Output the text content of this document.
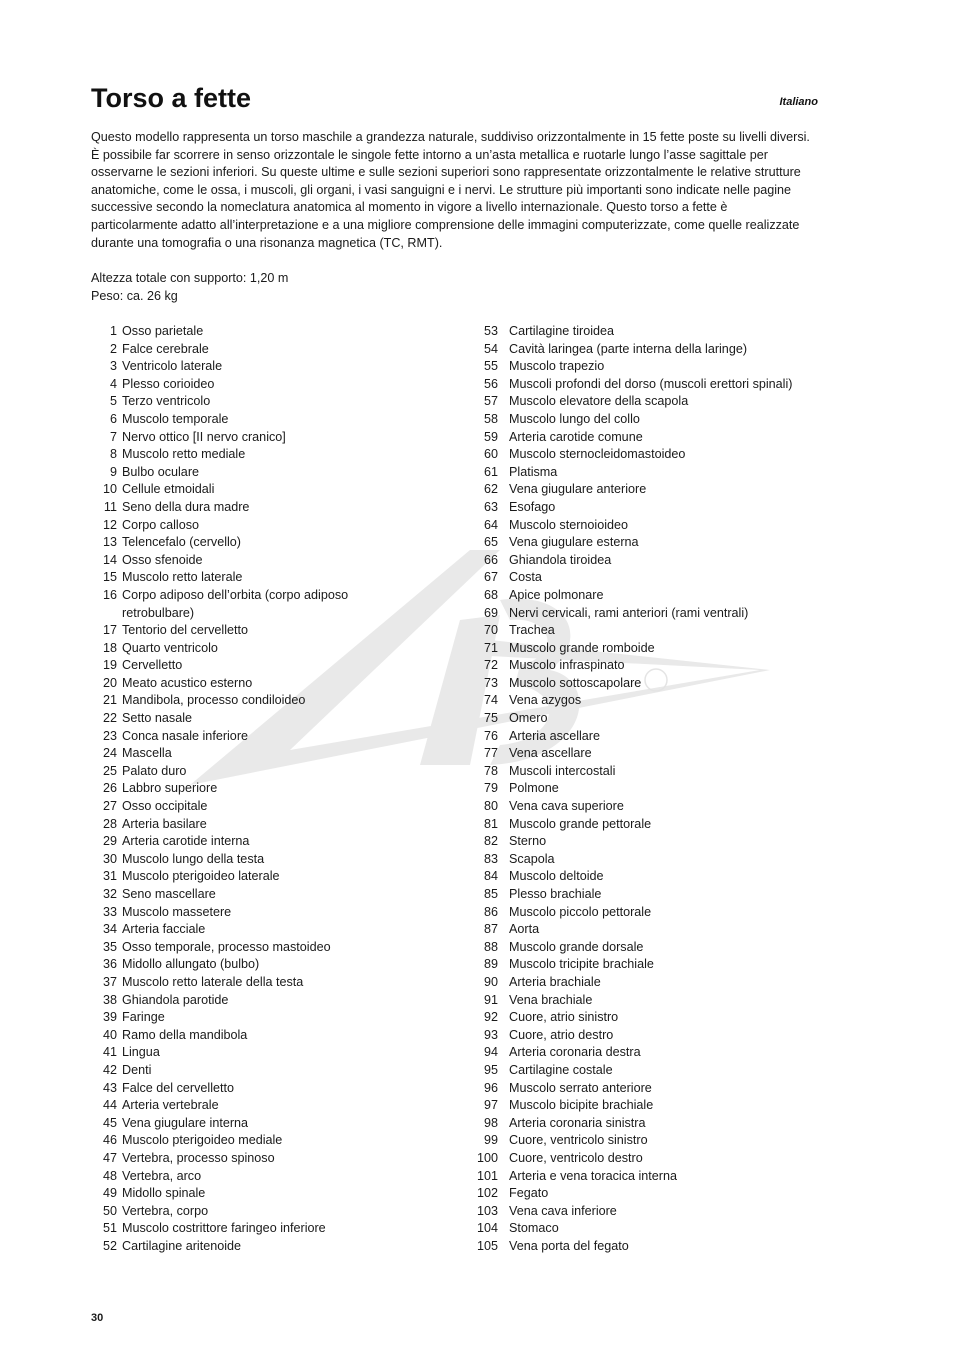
Torso a fette	Italiano

Questo modello rappresenta un torso maschile a grandezza naturale, suddiviso orizzontalmente in 15 fette poste su livelli diversi. È possibile far scorrere in senso orizzontale le singole fette intorno a un’asta metallica e ruotarle lungo l’asse sagittale per osservarne le sezioni inferiori. Su queste ultime e sulle sezioni superiori sono rappresentate orizzontalmente le relative strutture anatomiche, come le ossa, i muscoli, gli organi, i vasi sanguigni e i nervi. Le strutture più importanti sono indicate nelle pagine successive secondo la nomeclatura anatomica al momento in vigore a livello internazionale. Questo torso a fette è particolarmente adatto all’interpretazione e a una migliore comprensione delle immagini computerizzate, come quelle realizzate durante una tomografia o una risonanza magnetica (TC, RMT).

Altezza totale con supporto: 1,20 m
Peso: ca. 26 kg
1 Osso parietale
2 Falce cerebrale
3 Ventricolo laterale
4 Plesso corioideo
5 Terzo ventricolo
6 Muscolo temporale
7 Nervo ottico [II nervo cranico]
8 Muscolo retto mediale
9 Bulbo oculare
10 Cellule etmoidali
11 Seno della dura madre
12 Corpo calloso
13 Telencefalo (cervello)
14 Osso sfenoide
15 Muscolo retto laterale
16 Corpo adiposo dell’orbita (corpo adiposo retrobulbare)
17 Tentorio del cervelletto
18 Quarto ventricolo
19 Cervelletto
20 Meato acustico esterno
21 Mandibola, processo condiloideo
22 Setto nasale
23 Conca nasale inferiore
24 Mascella
25 Palato duro
26 Labbro superiore
27 Osso occipitale
28 Arteria basilare
29 Arteria carotide interna
30 Muscolo lungo della testa
31 Muscolo pterigoideo laterale
32 Seno mascellare
33 Muscolo massetere
34 Arteria facciale
35 Osso temporale, processo mastoideo
36 Midollo allungato (bulbo)
37 Muscolo retto laterale della testa
38 Ghiandola parotide
39 Faringe
40 Ramo della mandibola
41 Lingua
42 Denti
43 Falce del cervelletto
44 Arteria vertebrale
45 Vena giugulare interna
46 Muscolo pterigoideo mediale
47 Vertebra, processo spinoso
48 Vertebra, arco
49 Midollo spinale
50 Vertebra, corpo
51 Muscolo costrittore faringeo inferiore
52 Cartilagine aritenoide
53 Cartilagine tiroidea
54 Cavità laringea (parte interna della laringe)
55 Muscolo trapezio
56 Muscoli profondi del dorso (muscoli erettori spinali)
57 Muscolo elevatore della scapola
58 Muscolo lungo del collo
59 Arteria carotide comune
60 Muscolo sternocleidomastoideo
61 Platisma
62 Vena giugulare anteriore
63 Esofago
64 Muscolo sternoioideo
65 Vena giugulare esterna
66 Ghiandola tiroidea
67 Costa
68 Apice polmonare
69 Nervi cervicali, rami anteriori (rami ventrali)
70 Trachea
71 Muscolo grande romboide
72 Muscolo infraspinato
73 Muscolo sottoscapolare
74 Vena azygos
75 Omero
76 Arteria ascellare
77 Vena ascellare
78 Muscoli intercostali
79 Polmone
80 Vena cava superiore
81 Muscolo grande pettorale
82 Sterno
83 Scapola
84 Muscolo deltoide
85 Plesso brachiale
86 Muscolo piccolo pettorale
87 Aorta
88 Muscolo grande dorsale
89 Muscolo tricipite brachiale
90 Arteria brachiale
91 Vena brachiale
92 Cuore, atrio sinistro
93 Cuore, atrio destro
94 Arteria coronaria destra
95 Cartilagine costale
96 Muscolo serrato anteriore
97 Muscolo bicipite brachiale
98 Arteria coronaria sinistra
99 Cuore, ventricolo sinistro
100 Cuore, ventricolo destro
101 Arteria e vena toracica interna
102 Fegato
103 Vena cava inferiore
104 Stomaco
105 Vena porta del fegato
30
